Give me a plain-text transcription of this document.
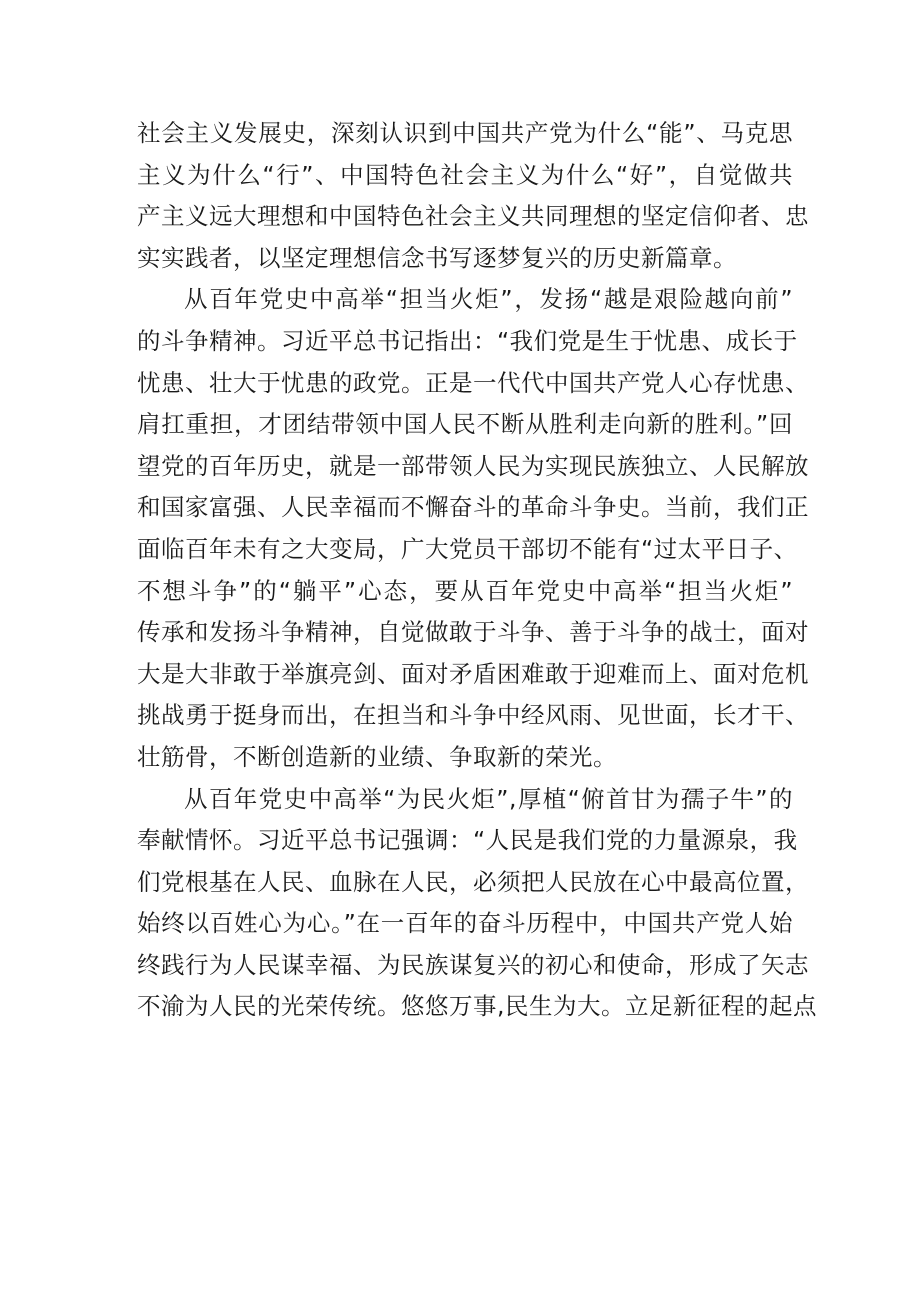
社会主义发展史，深刻认识到中国共产党为什么“能”、马克思
主义为什么“行”、中国特色社会主义为什么“好”，自觉做共
产主义远大理想和中国特色社会主义共同理想的坚定信仰者、忠
实实践者，以坚定理想信念书写逐梦复兴的历史新篇章。
从百年党史中高举“担当火炬”，发扬“越是艰险越向前”
的斗争精神。习近平总书记指出：“我们党是生于忧患、成长于
忧患、壮大于忧患的政党。正是一代代中国共产党人心存忧患、
肩扛重担，才团结带领中国人民不断从胜利走向新的胜利。”回
望党的百年历史，就是一部带领人民为实现民族独立、人民解放
和国家富强、人民幸福而不懈奋斗的革命斗争史。当前，我们正
面临百年未有之大变局，广大党员干部切不能有“过太平日子、
不想斗争”的“躺平”心态，要从百年党史中高举“担当火炬”
传承和发扬斗争精神，自觉做敢于斗争、善于斗争的战士，面对
大是大非敢于举旗亮剑、面对矛盾困难敢于迎难而上、面对危机
挑战勇于挺身而出，在担当和斗争中经风雨、见世面，长才干、
壮筋骨，不断创造新的业绩、争取新的荣光。
从百年党史中高举“为民火炬”,厚植“俯首甘为孺子牛”的
奉献情怀。习近平总书记强调：“人民是我们党的力量源泉，我
们党根基在人民、血脉在人民，必须把人民放在心中最高位置，
始终以百姓心为心。”在一百年的奋斗历程中，中国共产党人始
终践行为人民谋幸福、为民族谋复兴的初心和使命，形成了矢志
不渝为人民的光荣传统。悠悠万事,民生为大。立足新征程的起点
